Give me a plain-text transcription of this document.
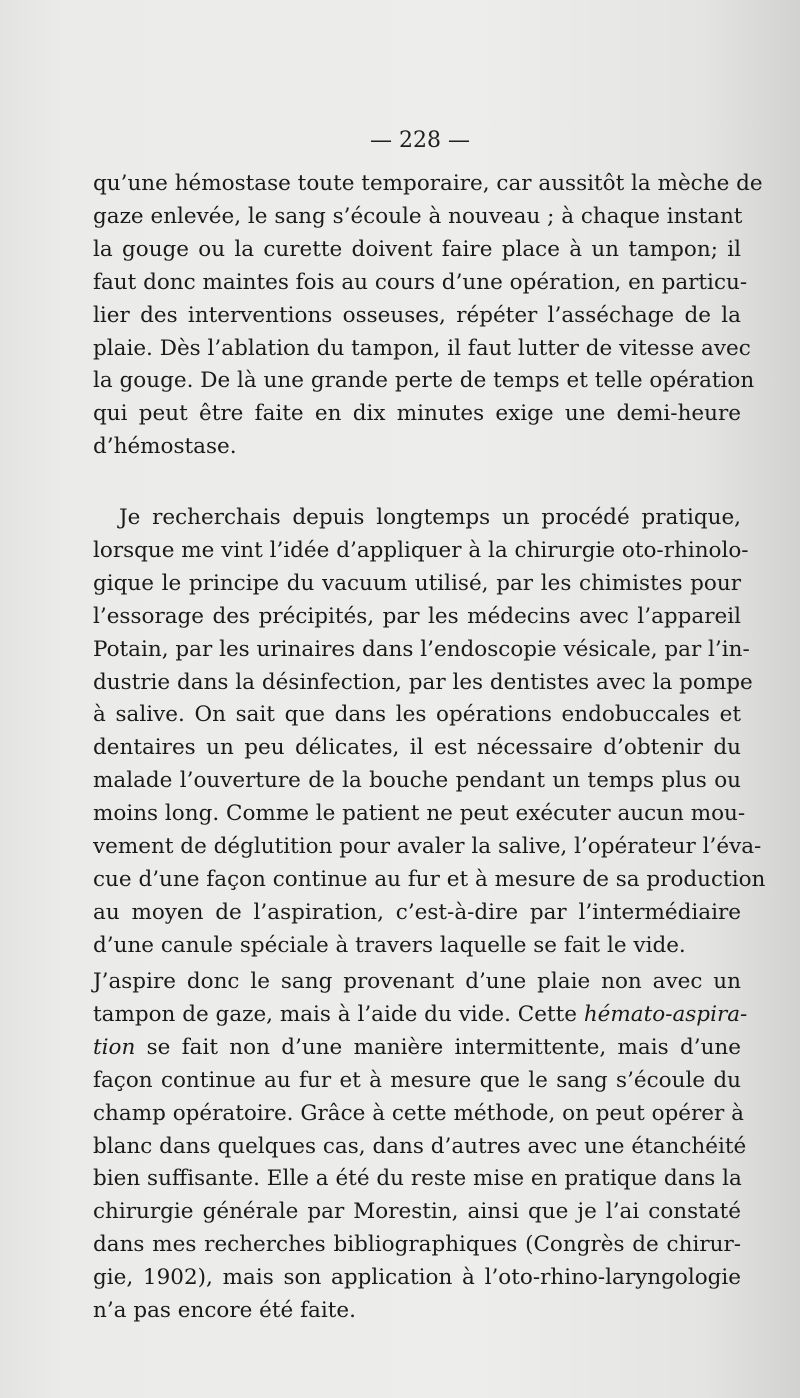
— 228 —

qu’une hémostase toute temporaire, car aussitôt la mèche de
gaze enlevée, le sang s’écoule à nouveau ; à chaque instant
la gouge ou la curette doivent faire place à un tampon; il
faut donc maintes fois au cours d’une opération, en particu-
lier des interventions osseuses, répéter l’asséchage de la
plaie. Dès l’ablation du tampon, il faut lutter de vitesse avec
la gouge. De là une grande perte de temps et telle opération
qui peut être faite en dix minutes exige une demi-heure
d’hémostase.

Je recherchais depuis longtemps un procédé pratique,
lorsque me vint l’idée d’appliquer à la chirurgie oto-rhinolo-
gique le principe du vacuum utilisé, par les chimistes pour
l’essorage des précipités, par les médecins avec l’appareil
Potain, par les urinaires dans l’endoscopie vésicale, par l’in-
dustrie dans la désinfection, par les dentistes avec la pompe
à salive. On sait que dans les opérations endobuccales et
dentaires un peu délicates, il est nécessaire d’obtenir du
malade l’ouverture de la bouche pendant un temps plus ou
moins long. Comme le patient ne peut exécuter aucun mou-
vement de déglutition pour avaler la salive, l’opérateur l’éva-
cue d’une façon continue au fur et à mesure de sa production
au moyen de l’aspiration, c’est-à-dire par l’intermédiaire
d’une canule spéciale à travers laquelle se fait le vide.

J’aspire donc le sang provenant d’une plaie non avec un
tampon de gaze, mais à l’aide du vide. Cette hémato-aspira-
tion se fait non d’une manière intermittente, mais d’une
façon continue au fur et à mesure que le sang s’écoule du
champ opératoire. Grâce à cette méthode, on peut opérer à
blanc dans quelques cas, dans d’autres avec une étanchéité
bien suffisante. Elle a été du reste mise en pratique dans la
chirurgie générale par Morestin, ainsi que je l’ai constaté
dans mes recherches bibliographiques (Congrès de chirur-
gie, 1902), mais son application à l’oto-rhino-laryngologie
n’a pas encore été faite.
